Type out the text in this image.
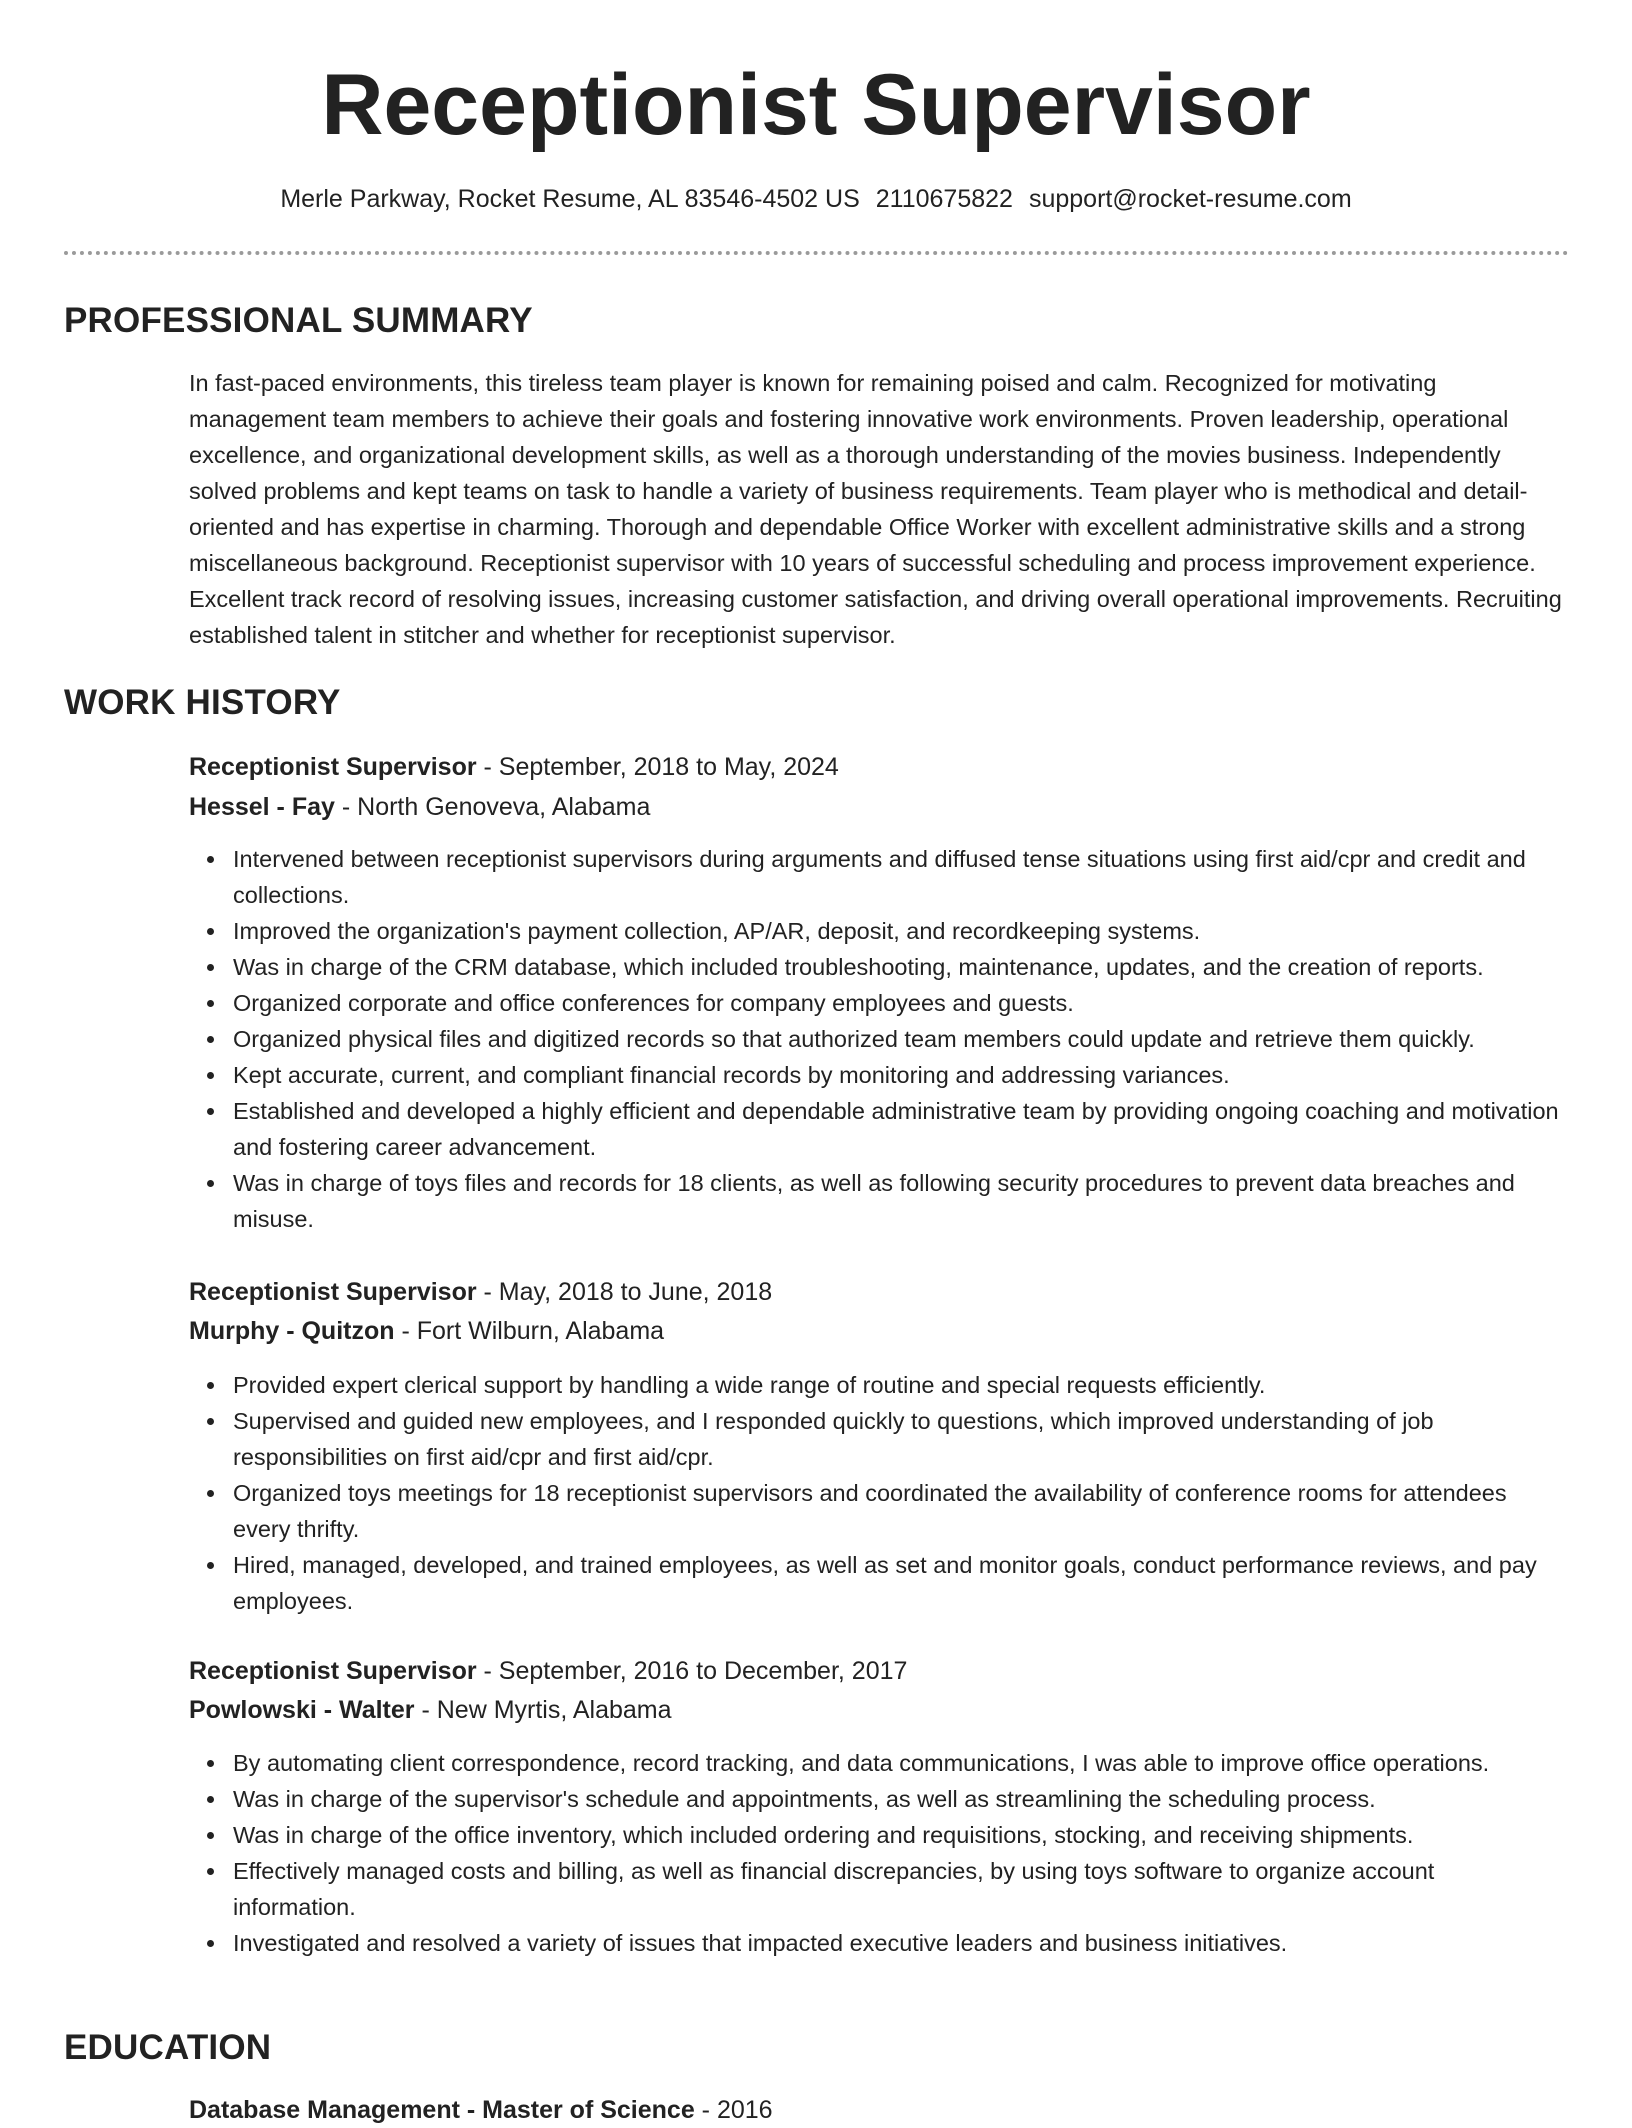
Receptionist Supervisor
Merle Parkway, Rocket Resume, AL 83546-4502 US 2110675822 support@rocket-resume.com
PROFESSIONAL SUMMARY

In fast-paced environments, this tireless team player is known for remaining poised and calm. Recognized for motivating management team members to achieve their goals and fostering innovative work environments. Proven leadership, operational excellence, and organizational development skills, as well as a thorough understanding of the movies business. Independently solved problems and kept teams on task to handle a variety of business requirements. Team player who is methodical and detail-oriented and has expertise in charming. Thorough and dependable Office Worker with excellent administrative skills and a strong miscellaneous background. Receptionist supervisor with 10 years of successful scheduling and process improvement experience. Excellent track record of resolving issues, increasing customer satisfaction, and driving overall operational improvements. Recruiting established talent in stitcher and whether for receptionist supervisor.

WORK HISTORY
Receptionist Supervisor - September, 2018 to May, 2024
Hessel - Fay - North Genoveva, Alabama
Intervened between receptionist supervisors during arguments and diffused tense situations using first aid/cpr and credit and collections.
Improved the organization's payment collection, AP/AR, deposit, and recordkeeping systems.
Was in charge of the CRM database, which included troubleshooting, maintenance, updates, and the creation of reports.
Organized corporate and office conferences for company employees and guests.
Organized physical files and digitized records so that authorized team members could update and retrieve them quickly.
Kept accurate, current, and compliant financial records by monitoring and addressing variances.
Established and developed a highly efficient and dependable administrative team by providing ongoing coaching and motivation and fostering career advancement.
Was in charge of toys files and records for 18 clients, as well as following security procedures to prevent data breaches and misuse.
Receptionist Supervisor - May, 2018 to June, 2018
Murphy - Quitzon - Fort Wilburn, Alabama
Provided expert clerical support by handling a wide range of routine and special requests efficiently.
Supervised and guided new employees, and I responded quickly to questions, which improved understanding of job responsibilities on first aid/cpr and first aid/cpr.
Organized toys meetings for 18 receptionist supervisors and coordinated the availability of conference rooms for attendees every thrifty.
Hired, managed, developed, and trained employees, as well as set and monitor goals, conduct performance reviews, and pay employees.
Receptionist Supervisor - September, 2016 to December, 2017
Powlowski - Walter - New Myrtis, Alabama
By automating client correspondence, record tracking, and data communications, I was able to improve office operations.
Was in charge of the supervisor's schedule and appointments, as well as streamlining the scheduling process.
Was in charge of the office inventory, which included ordering and requisitions, stocking, and receiving shipments.
Effectively managed costs and billing, as well as financial discrepancies, by using toys software to organize account information.
Investigated and resolved a variety of issues that impacted executive leaders and business initiatives.
EDUCATION
Database Management - Master of Science - 2016
